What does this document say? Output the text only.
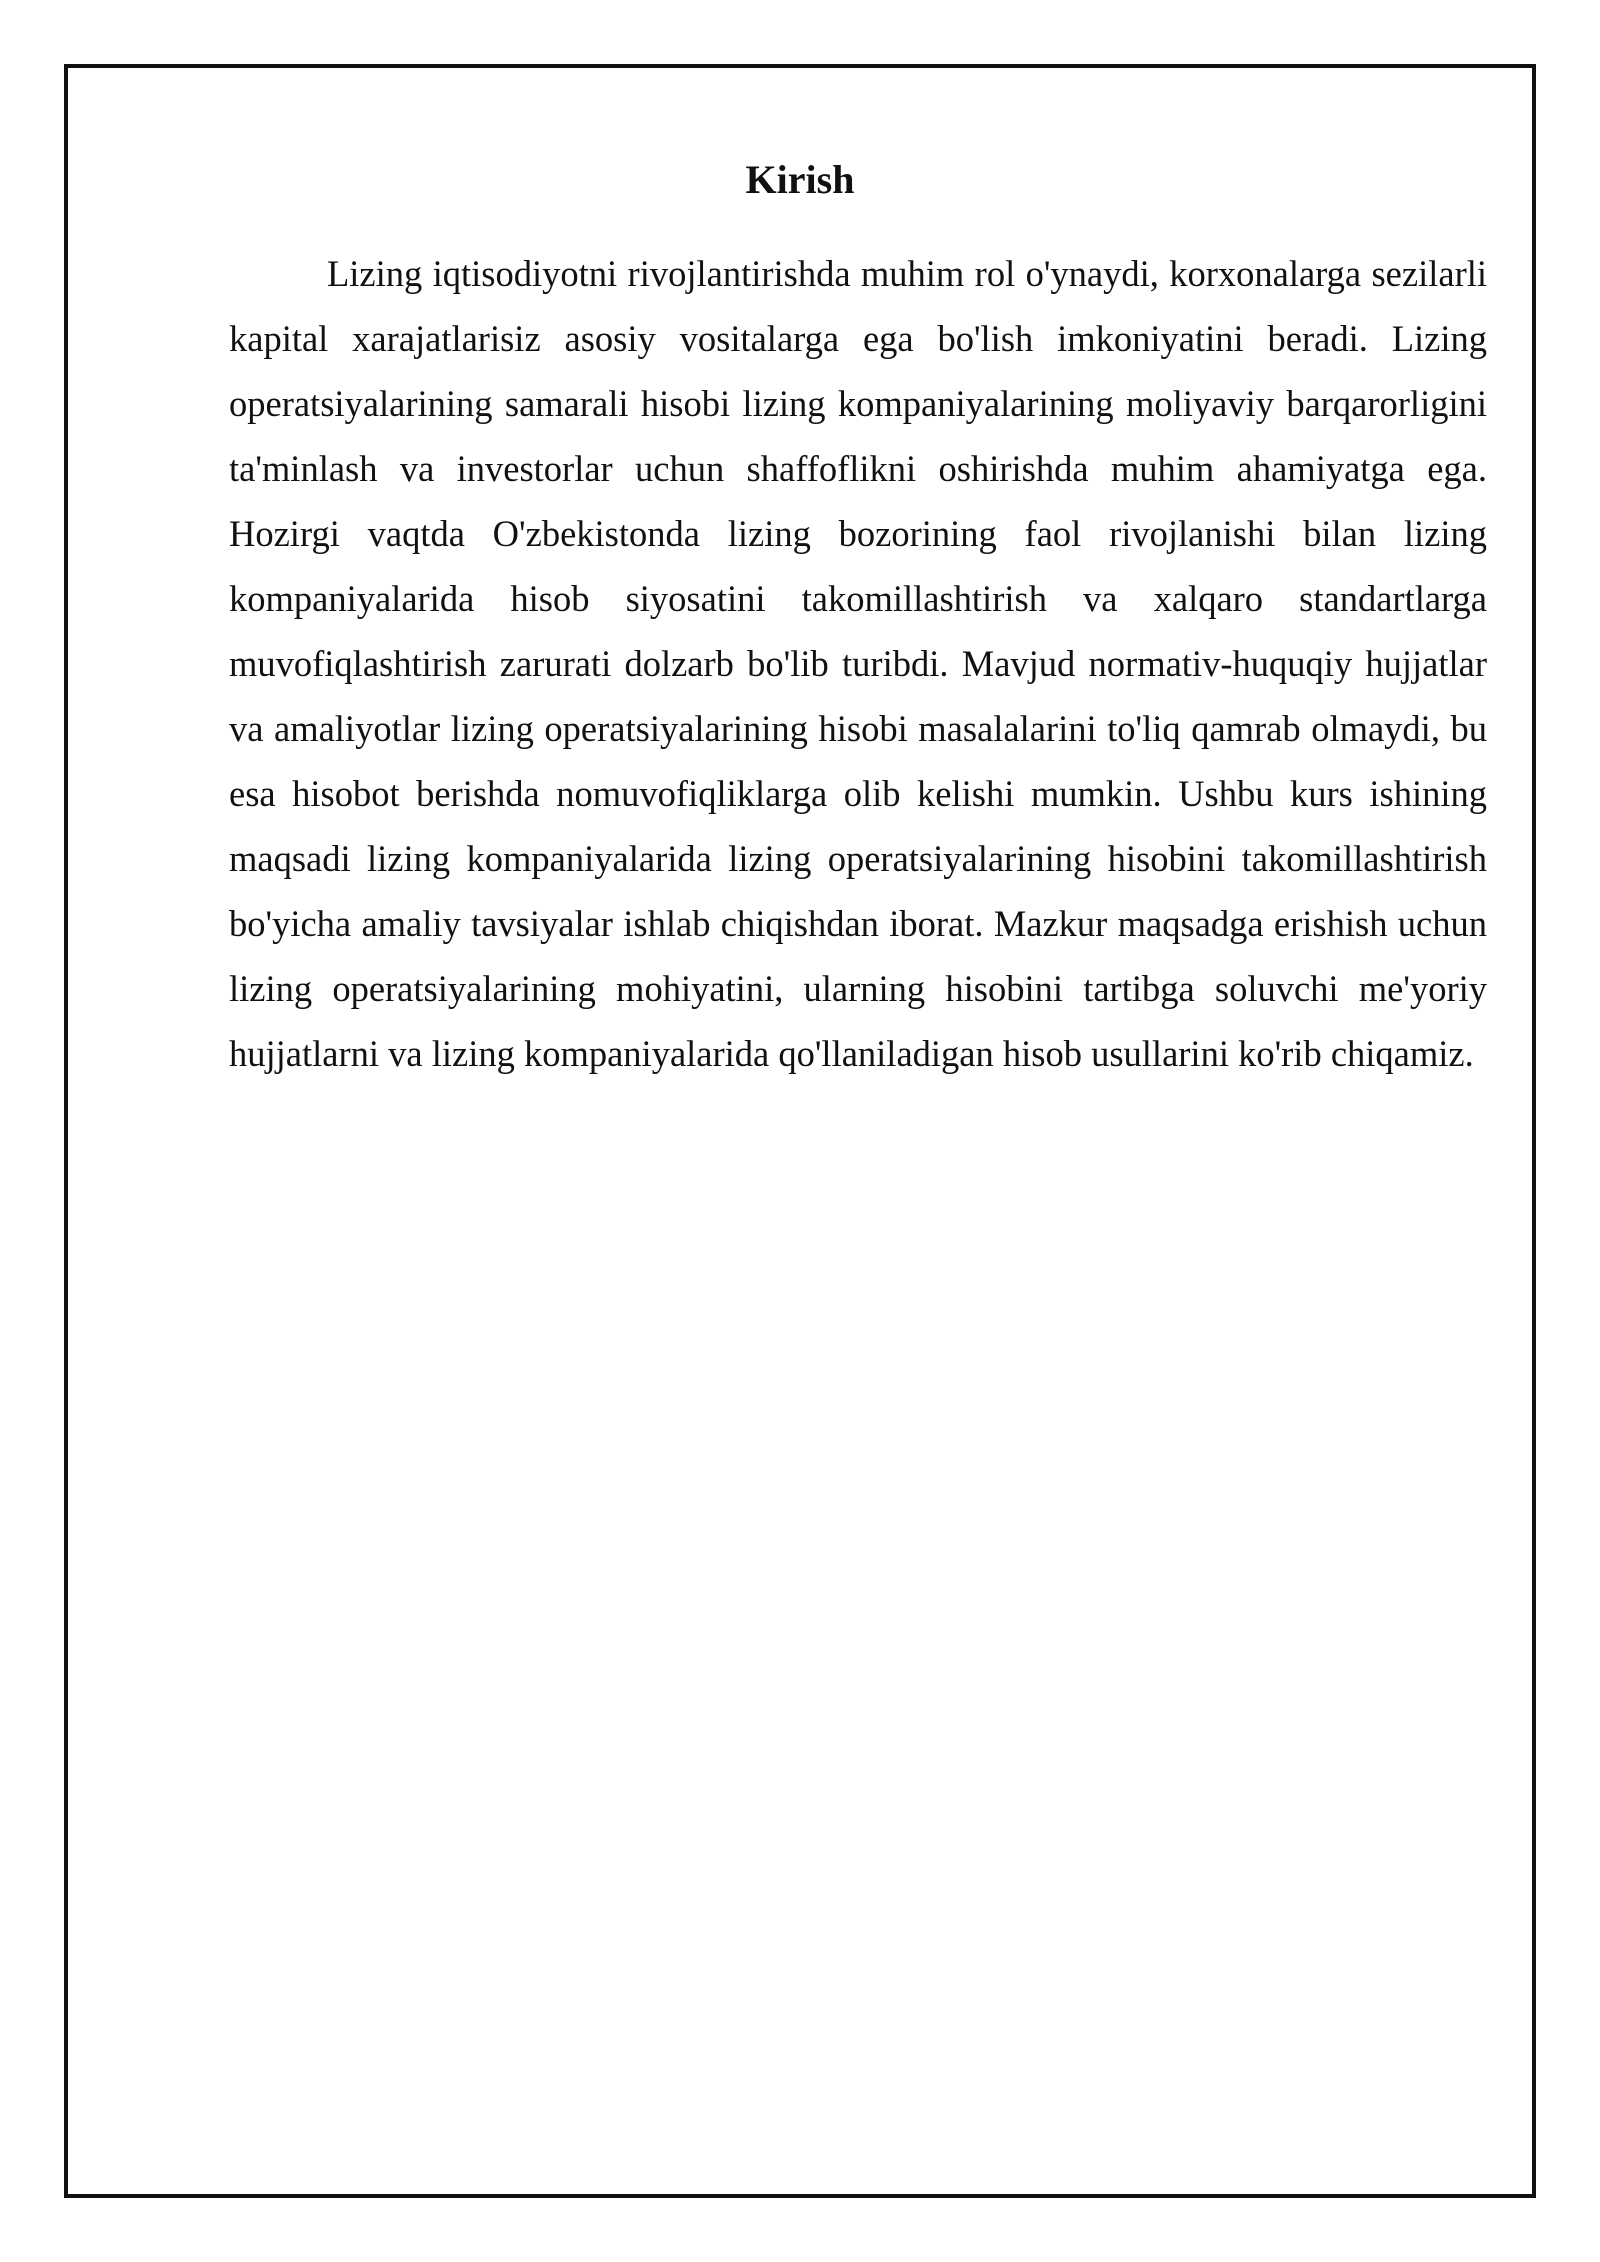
Kirish

Lizing iqtisodiyotni rivojlantirishda muhim rol o'ynaydi, korxonalarga sezilarli kapital xarajatlarisiz asosiy vositalarga ega bo'lish imkoniyatini beradi. Lizing operatsiyalarining samarali hisobi lizing kompaniyalarining moliyaviy barqarorligini ta'minlash va investorlar uchun shaffoflikni oshirishda muhim ahamiyatga ega. Hozirgi vaqtda O'zbekistonda lizing bozorining faol rivojlanishi bilan lizing kompaniyalarida hisob siyosatini takomillashtirish va xalqaro standartlarga muvofiqlashtirish zarurati dolzarb bo'lib turibdi. Mavjud normativ-huquqiy hujjatlar va amaliyotlar lizing operatsiyalarining hisobi masalalarini to'liq qamrab olmaydi, bu esa hisobot berishda nomuvofiqliklarga olib kelishi mumkin. Ushbu kurs ishining maqsadi lizing kompaniyalarida lizing operatsiyalarining hisobini takomillashtirish bo'yicha amaliy tavsiyalar ishlab chiqishdan iborat. Mazkur maqsadga erishish uchun lizing operatsiyalarining mohiyatini, ularning hisobini tartibga soluvchi me'yoriy hujjatlarni va lizing kompaniyalarida qo'llaniladigan hisob usullarini ko'rib chiqamiz.
